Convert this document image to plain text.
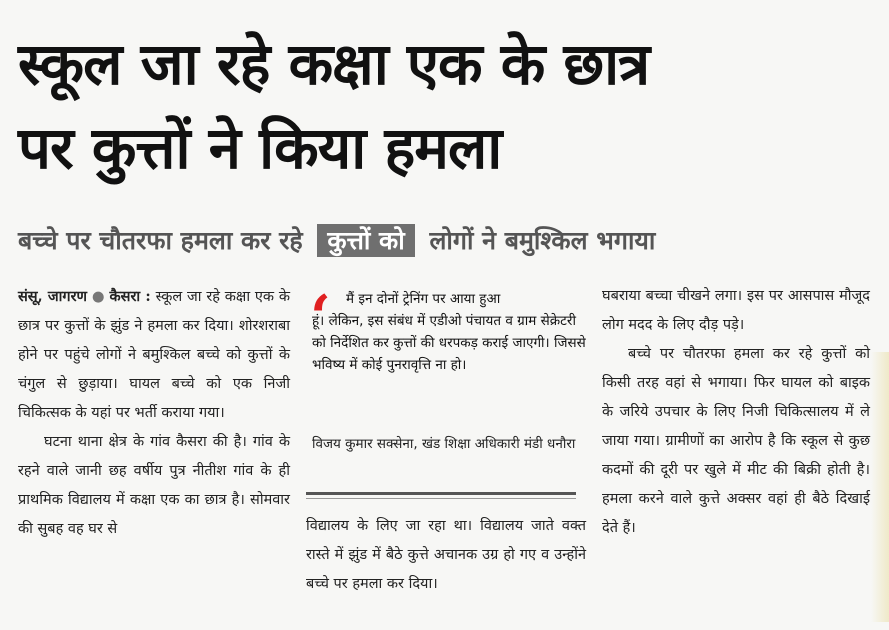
स्कूल जा रहे कक्षा एक के छात्र
पर कुत्तों ने किया हमला
बच्चे पर चौतरफा हमला कर रहे कुत्तों को लोगों ने बमुश्किल भगाया

संसू, जागरण ● कैसरा : स्कूल जा रहे कक्षा एक के छात्र पर कुत्तों के झुंड ने हमला कर दिया। शोरशराबा होने पर पहुंचे लोगों ने बमुश्किल बच्चे को कुत्तों के चंगुल से छुड़ाया। घायल बच्चे को एक निजी चिकित्सक के यहां पर भर्ती कराया गया।

घटना थाना क्षेत्र के गांव कैसरा की है। गांव के रहने वाले जानी छह वर्षीय पुत्र नीतीश गांव के ही प्राथमिक विद्यालय में कक्षा एक का छात्र है। सोमवार की सुबह वह घर से

‘ मैं इन दोनों ट्रेनिंग पर आया हुआ
हूं। लेकिन, इस संबंध में एडीओ पंचायत व ग्राम सेक्रेटरी को निर्देशित कर कुत्तों की धरपकड़ कराई जाएगी। जिससे भविष्य में कोई पुनरावृत्ति ना हो।
विजय कुमार सक्सेना, खंड शिक्षा अधिकारी मंडी धनौरा

विद्यालय के लिए जा रहा था। विद्यालय जाते वक्त रास्ते में झुंड में बैठे कुत्ते अचानक उग्र हो गए व उन्होंने बच्चे पर हमला कर दिया।

घबराया बच्चा चीखने लगा। इस पर आसपास मौजूद लोग मदद के लिए दौड़ पड़े।

बच्चे पर चौतरफा हमला कर रहे कुत्तों को किसी तरह वहां से भगाया। फिर घायल को बाइक के जरिये उपचार के लिए निजी चिकित्सालय में ले जाया गया। ग्रामीणों का आरोप है कि स्कूल से कुछ कदमों की दूरी पर खुले में मीट की बिक्री होती है। हमला करने वाले कुत्ते अक्सर वहां ही बैठे दिखाई देते हैं।
